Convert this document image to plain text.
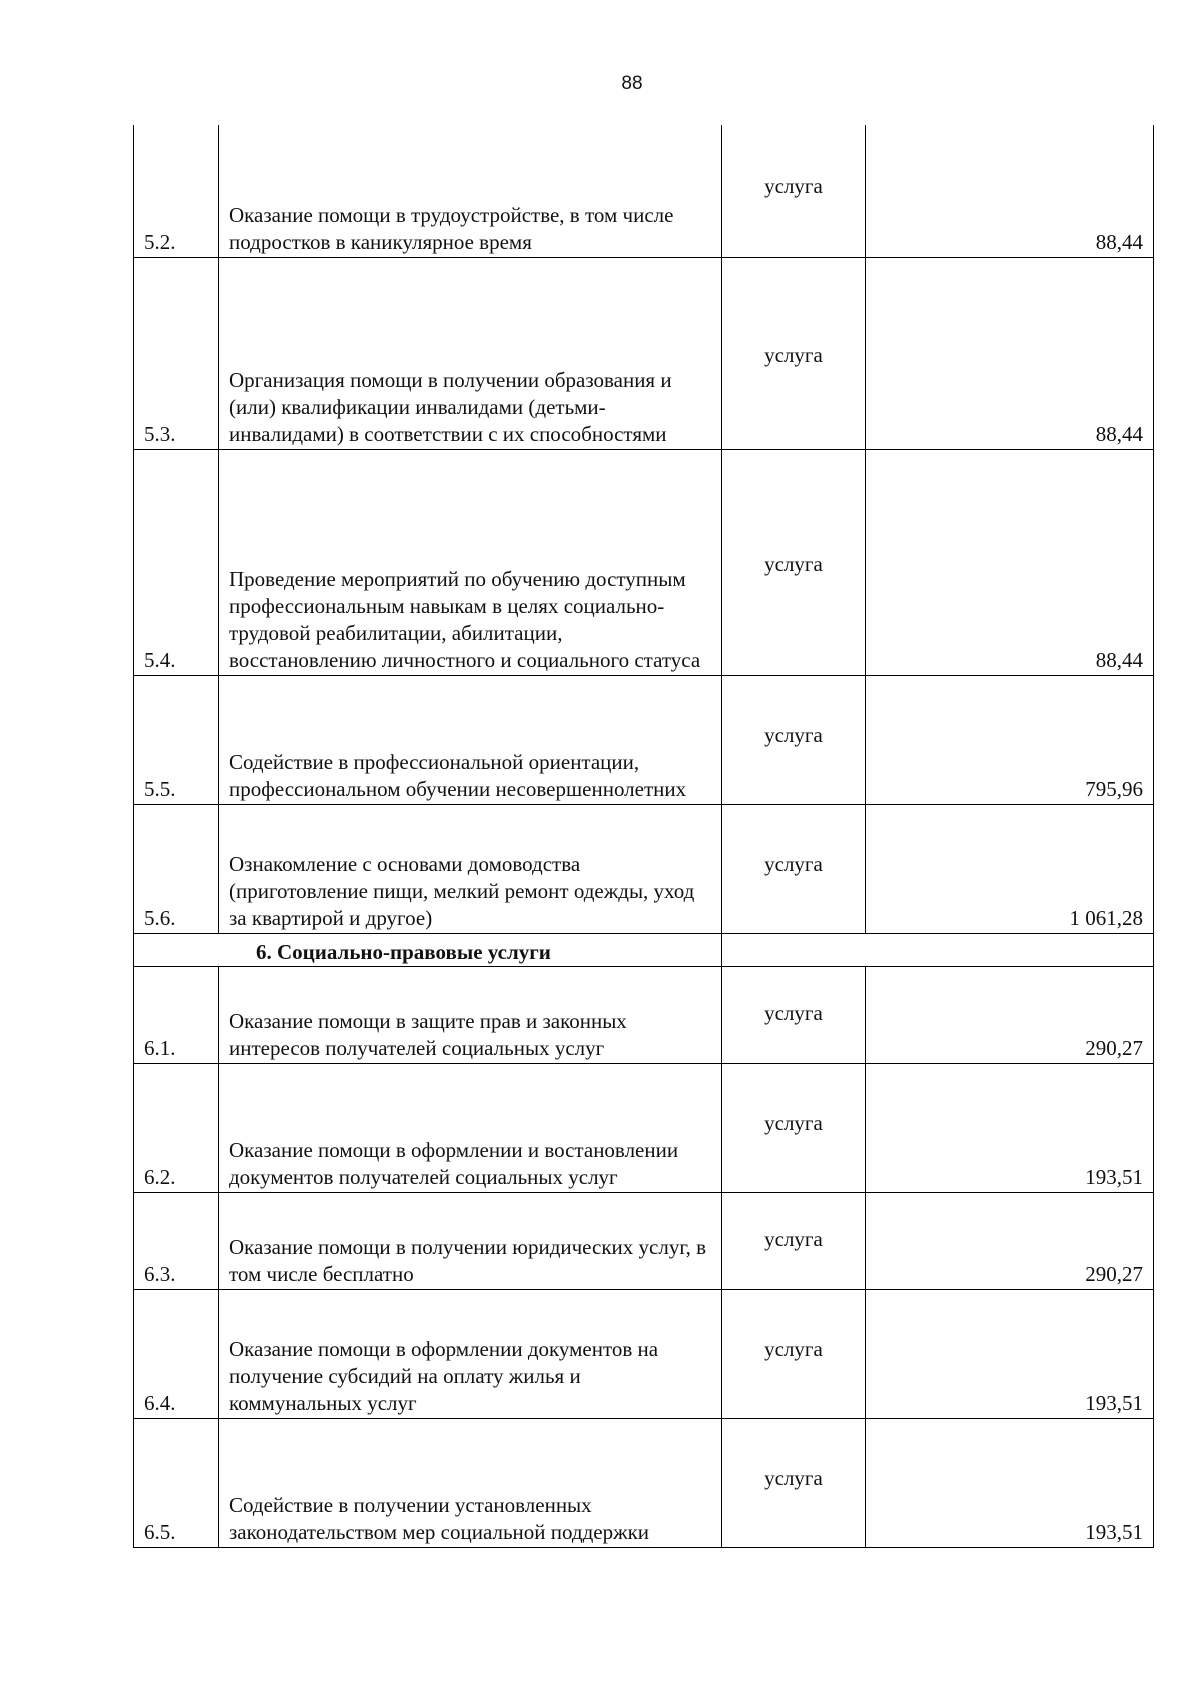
88
5.2.	Оказание помощи в трудоустройстве, в том числе подростков в каникулярное время	услуга	88,44
5.3.	Организация помощи в получении образования и (или) квалификации инвалидами (детьми-инвалидами) в соответствии с их способностями	услуга	88,44
5.4.	Проведение мероприятий по обучению доступным профессиональным навыкам в целях социально-трудовой реабилитации, абилитации, восстановлению личностного и социального статуса	услуга	88,44
5.5.	Содействие в профессиональной ориентации, профессиональном обучении несовершеннолетних	услуга	795,96
5.6.	Ознакомление с основами домоводства (приготовление пищи, мелкий ремонт одежды, уход за квартирой и другое)	услуга	1 061,28
6. Социально-правовые услуги			
6.1.	Оказание помощи в защите прав и законных интересов получателей социальных услуг	услуга	290,27
6.2.	Оказание помощи в оформлении и востановлении документов получателей социальных услуг	услуга	193,51
6.3.	Оказание помощи в получении юридических услуг, в том числе бесплатно	услуга	290,27
6.4.	Оказание помощи в оформлении документов на получение субсидий на оплату жилья и коммунальных услуг	услуга	193,51
6.5.	Содействие в получении установленных законодательством мер социальной поддержки	услуга	193,51
